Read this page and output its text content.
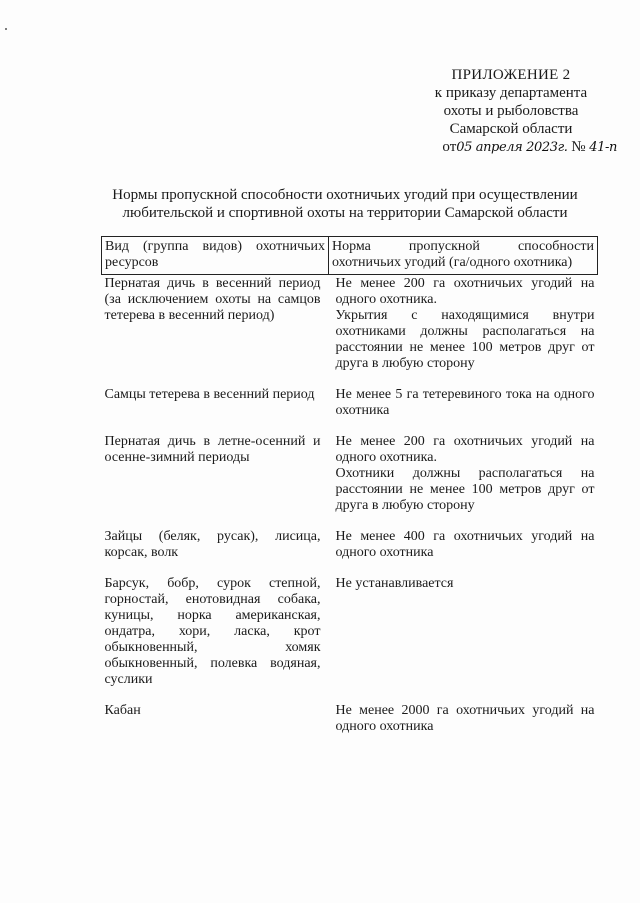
ПРИЛОЖЕНИЕ 2
к приказу департамента
охоты и рыболовства
Самарской области
от05 апреля 2023г. № 41-п
Нормы пропускной способности охотничьих угодий при осуществлении
любительской и спортивной охоты на территории Самарской области
Вид (группа видов) охотничьих ресурсов	Норма пропускной способности охотничьих угодий (га/одного охотника)

Пернатая дичь в весенний период (за исключением охоты на самцов тетерева в весенний период)	Не менее 200 га охотничьих угодий на одного охотника.

Укрытия с находящимися внутри охотниками должны располагаться на расстоянии не менее 100 метров друг от друга в любую сторону

Самцы тетерева в весенний период	Не менее 5 га тетеревиного тока на одного охотника

Пернатая дичь в летне-осенний и осенне-зимний периоды	Не менее 200 га охотничьих угодий на одного охотника.

Охотники должны располагаться на расстоянии не менее 100 метров друг от друга в любую сторону

Зайцы (беляк, русак), лисица, корсак, волк	Не менее 400 га охотничьих угодий на одного охотника

Барсук, бобр, сурок степной, горностай, енотовидная собака, куницы, норка американская, ондатра, хори, ласка, крот обыкновенный, хомяк обыкновенный, полевка водяная, суслики	Не устанавливается

Кабан	Не менее 2000 га охотничьих угодий на одного охотника
